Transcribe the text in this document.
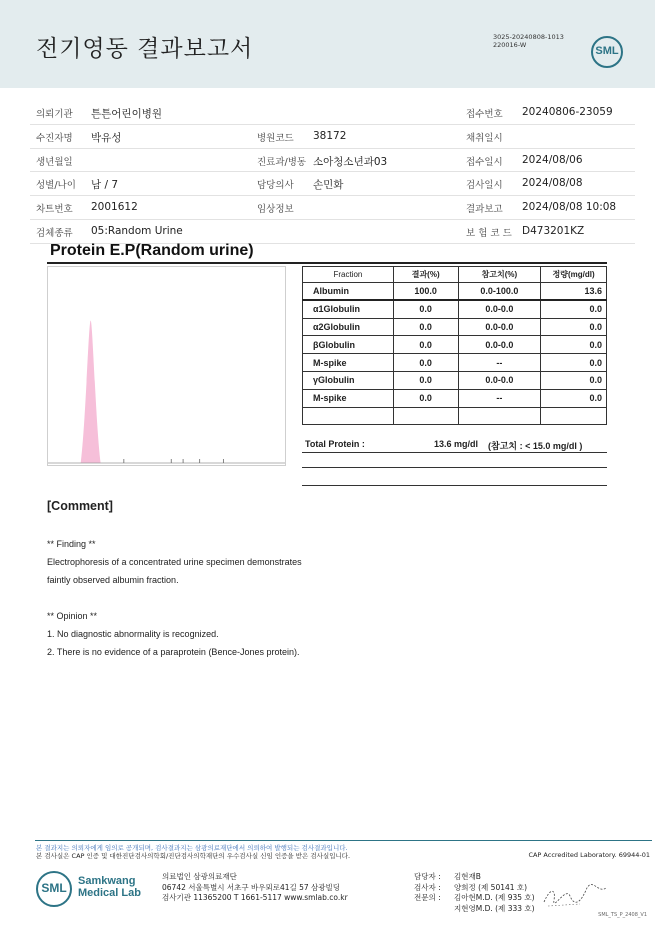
전기영동 결과보고서	3025-20240808-1013
220016-W	SML
의뢰기관 튼튼어린이병원	접수번호 20240806-23059
수진자명 박유성	병원코드 38172	채취일시
생년월일	진료과/병동 소아청소년과03	접수일시 2024/08/06
성별/나이 남 / 7	담당의사 손민화	검사일시 2024/08/08
차트번호 2001612	임상정보	결과보고 2024/08/08 10:08
검체종류 05:Random Urine	보 험 코 드 D473201KZ
Protein E.P(Random urine)
Fraction	결과(%)	참고치(%)	정량(mg/dl)
Albumin	100.0	0.0-100.0	13.6
α1Globulin	0.0	0.0-0.0	0.0
α2Globulin	0.0	0.0-0.0	0.0
βGlobulin	0.0	0.0-0.0	0.0
M-spike	0.0	--	0.0
γGlobulin	0.0	0.0-0.0	0.0
M-spike	0.0	--	0.0

Total Protein :	13.6 mg/dl (참고치 : < 15.0 mg/dl )
[Comment]
** Finding **
Electrophoresis of a concentrated urine specimen demonstrates
faintly observed albumin fraction.
** Opinion **
1. No diagnostic abnormality is recognized.
2. There is no evidence of a paraprotein (Bence-Jones protein).
본 결과지는 의뢰자에게 임의로 공개되며, 검사결과지는 삼광의료재단에서 의뢰하여 발행되는 검사결과입니다.
본 검사실은 CAP 인증 및 대한진단검사의학회/진단검사의학재단의 우수검사실 신임 인증을 받은 검사실입니다.	CAP Accredited Laboratory. 69944-01
SML	Samkwang
Medical Lab
의료법인 삼광의료재단
06742 서울특별시 서초구 바우뫼로41길 57 삼광빌딩
검사기관 11365200 T 1661-5117 www.smlab.co.kr
담당자 : 김현재B
검사자 : 양희정 (제 50141 호)
전문의 : 김아현M.D. (제 935 호)
지현영M.D. (제 333 호)
SML_TS_P_2408_V1
